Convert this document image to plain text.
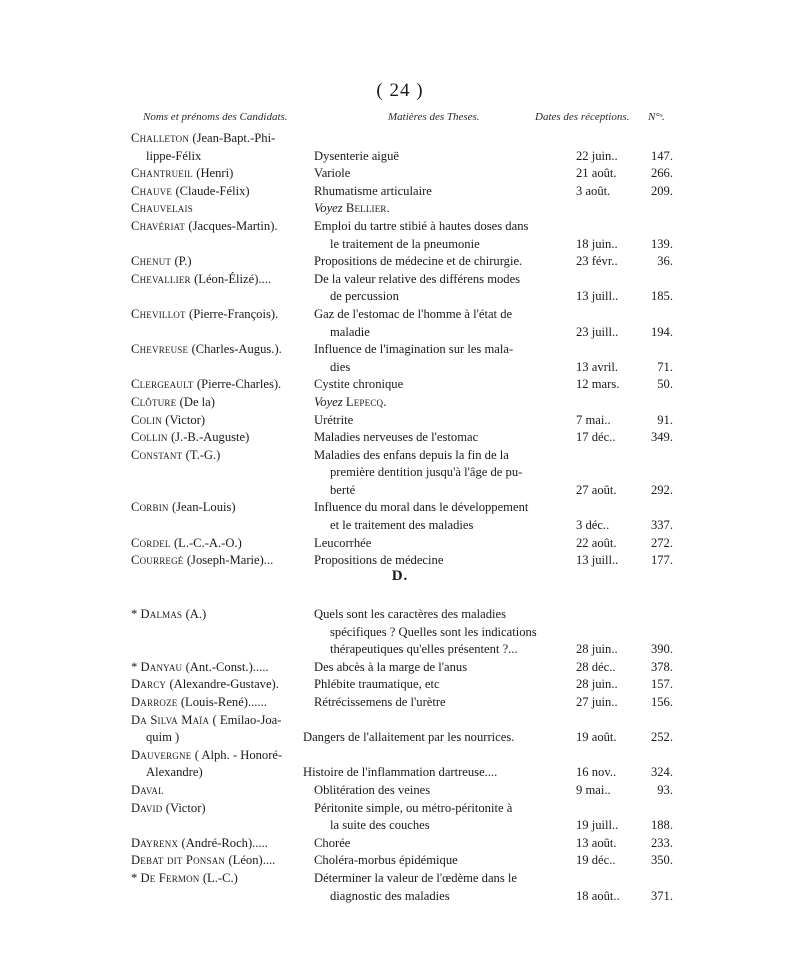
( 24 )
Noms et prénoms des Candidats.	Matières des Theses.	Dates des réceptions. N°ˢ.
Challeton (Jean-Bapt.-Phi-
lippe-Félix	Dysenterie aiguë	22 juin..	147.
Chantrueil (Henri)	Variole	21 août.	266.
Chauve (Claude-Félix)	Rhumatisme articulaire	3 août.	209.
Chauvelais	Voyez Bellier.
Chavériat (Jacques-Martin).	Emploi du tartre stibié à hautes doses dans
le traitement de la pneumonie	18 juin..	139.
Chenut (P.)	Propositions de médecine et de chirurgie.	23 févr..	36.
Chevallier (Léon-Élizé)....	De la valeur relative des différens modes
de percussion	13 juill..	185.
Chevillot (Pierre-François).	Gaz de l'estomac de l'homme à l'état de
maladie	23 juill..	194.
Chevreuse (Charles-Augus.).	Influence de l'imagination sur les mala-
dies	13 avril.	71.
Clergeault (Pierre-Charles).	Cystite chronique	12 mars.	50.
Clôture (De la)	Voyez Lepecq.
Colin (Victor)	Urétrite	7 mai..	91.
Collin (J.-B.-Auguste)	Maladies nerveuses de l'estomac	17 déc..	349.
Constant (T.-G.)	Maladies des enfans depuis la fin de la
première dentition jusqu'à l'âge de pu-
berté	27 août.	292.
Corbin (Jean-Louis)	Influence du moral dans le développement
et le traitement des maladies	3 déc..	337.
Cordel (L.-C.-A.-O.)	Leucorrhée	22 août.	272.
Courregé (Joseph-Marie)...	Propositions de médecine	13 juill..	177.
D.
* Dalmas (A.)	Quels sont les caractères des maladies
spécifiques ? Quelles sont les indications
thérapeutiques qu'elles présentent ?...	28 juin..	390.
* Danyau (Ant.-Const.).....	Des abcès à la marge de l'anus	28 déc..	378.
Darcy (Alexandre-Gustave).	Phlébite traumatique, etc	28 juin..	157.
Darroze (Louis-René)......	Rétrécissemens de l'urètre	27 juin..	156.
Da Silva Maïa ( Emilao-Joa-
quim )	Dangers de l'allaitement par les nourrices.	19 août.	252.
Dauvergne ( Alph. - Honoré-
Alexandre)	Histoire de l'inflammation dartreuse....	16 nov..	324.
Daval	Oblitération des veines	9 mai..	93.
David (Victor)	Péritonite simple, ou métro-péritonite à
la suite des couches	19 juill..	188.
Dayrenx (André-Roch).....	Chorée	13 août.	233.
Debat dit Ponsan (Léon)....	Choléra-morbus épidémique	19 déc..	350.
* De Fermon (L.-C.)	Déterminer la valeur de l'œdème dans le
diagnostic des maladies	18 août..	371.
